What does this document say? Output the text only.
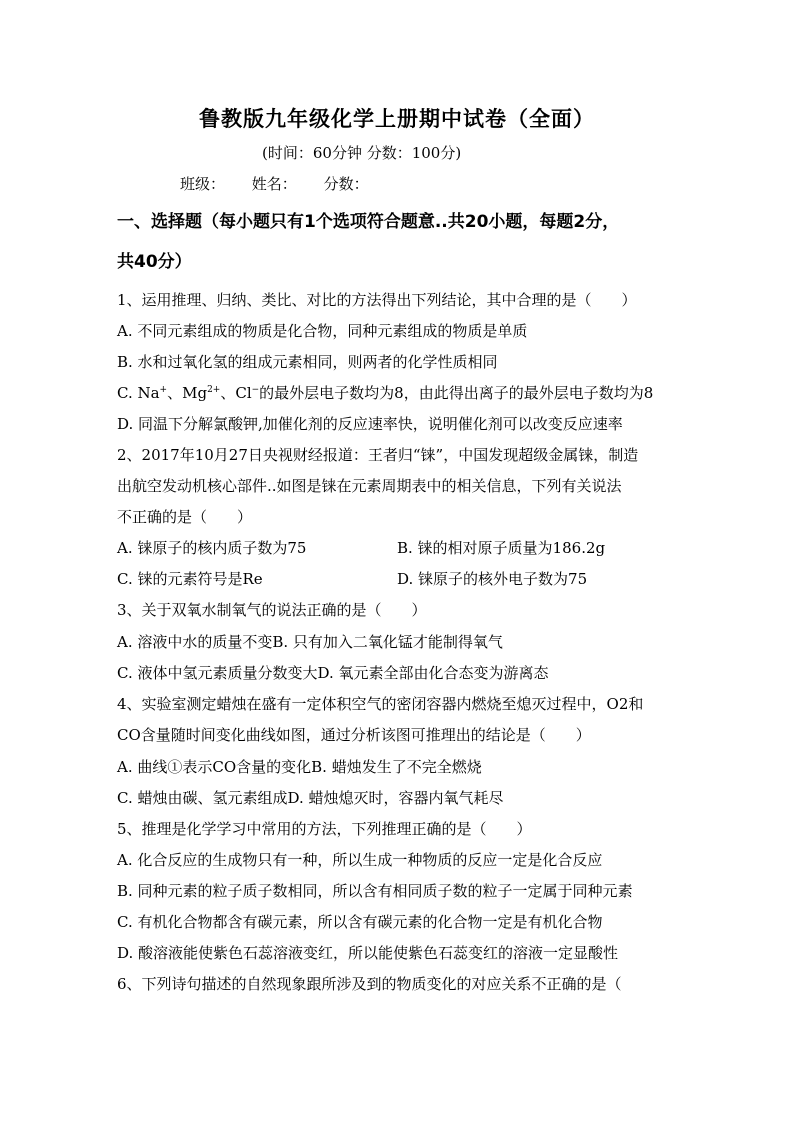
鲁教版九年级化学上册期中试卷（全面）
(时间：60分钟 分数：100分)
班级： 姓名： 分数：
一、选择题（每小题只有1个选项符合题意..共20小题，每题2分，
共40分）
1、运用推理、归纳、类比、对比的方法得出下列结论，其中合理的是（　　）
A. 不同元素组成的物质是化合物，同种元素组成的物质是单质
B. 水和过氧化氢的组成元素相同，则两者的化学性质相同
C. Na+、$Mg^{2+}$、Cl−的最外层电子数均为8，由此得出离子的最外层电子数均为8
D. 同温下分解氯酸钾,加催化剂的反应速率快，说明催化剂可以改变反应速率
2、2017年10月27日央视财经报道：王者归“铼”，中国发现超级金属铼，制造
出航空发动机核心部件..如图是铼在元素周期表中的相关信息，下列有关说法
不正确的是（　　）
A. 铼原子的核内质子数为75	B. 铼的相对原子质量为186.2g
C. 铼的元素符号是Re	D. 铼原子的核外电子数为75
3、关于双氧水制氧气的说法正确的是（　　）
A. 溶液中水的质量不变B. 只有加入二氧化锰才能制得氧气
C. 液体中氢元素质量分数变大D. 氧元素全部由化合态变为游离态
4、实验室测定蜡烛在盛有一定体积空气的密闭容器内燃烧至熄灭过程中，O2和
CO含量随时间变化曲线如图，通过分析该图可推理出的结论是（　　）
A. 曲线①表示CO含量的变化B. 蜡烛发生了不完全燃烧
C. 蜡烛由碳、氢元素组成D. 蜡烛熄灭时，容器内氧气耗尽
5、推理是化学学习中常用的方法，下列推理正确的是（　　）
A. 化合反应的生成物只有一种，所以生成一种物质的反应一定是化合反应
B. 同种元素的粒子质子数相同，所以含有相同质子数的粒子一定属于同种元素
C. 有机化合物都含有碳元素，所以含有碳元素的化合物一定是有机化合物
D. 酸溶液能使紫色石蕊溶液变红，所以能使紫色石蕊变红的溶液一定显酸性
6、下列诗句描述的自然现象跟所涉及到的物质变化的对应关系不正确的是（
